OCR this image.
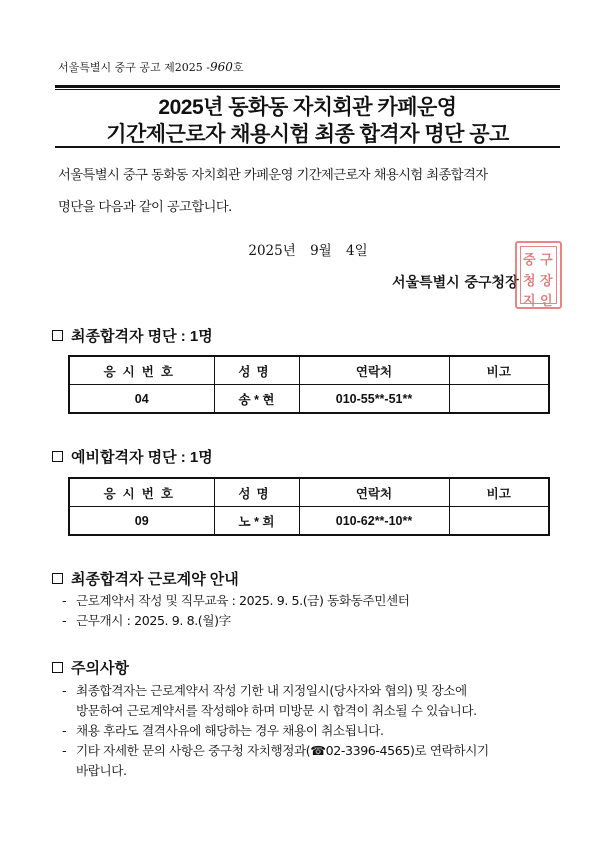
서울특별시 중구 공고 제2025 -960호
2025년 동화동 자치회관 카페운영
기간제근로자 채용시험 최종 합격자 명단 공고
서울특별시 중구 동화동 자치회관 카페운영 기간제근로자 채용시험 최종합격자
명단을 다음과 같이 공고합니다.
2025년 9월 4일
서울특별시 중구청장
중 구
청 장
지 인
최종합격자 명단 : 1명
응시번호	성명	연락처	비고
04	송 * 현	010-55**-51**	
예비합격자 명단 : 1명
응시번호	성명	연락처	비고
09	노 * 희	010-62**-10**	
최종합격자 근로계약 안내
- 근로계약서 작성 및 직무교육 : 2025. 9. 5.(금) 동화동주민센터
- 근무개시 : 2025. 9. 8.(월)字
주의사항
- 최종합격자는 근로계약서 작성 기한 내 지정일시(당사자와 협의) 및 장소에
방문하여 근로계약서를 작성해야 하며 미방문 시 합격이 취소될 수 있습니다.
- 채용 후라도 결격사유에 해당하는 경우 채용이 취소됩니다.
- 기타 자세한 문의 사항은 중구청 자치행정과(☎02-3396-4565)로 연락하시기
바랍니다.
